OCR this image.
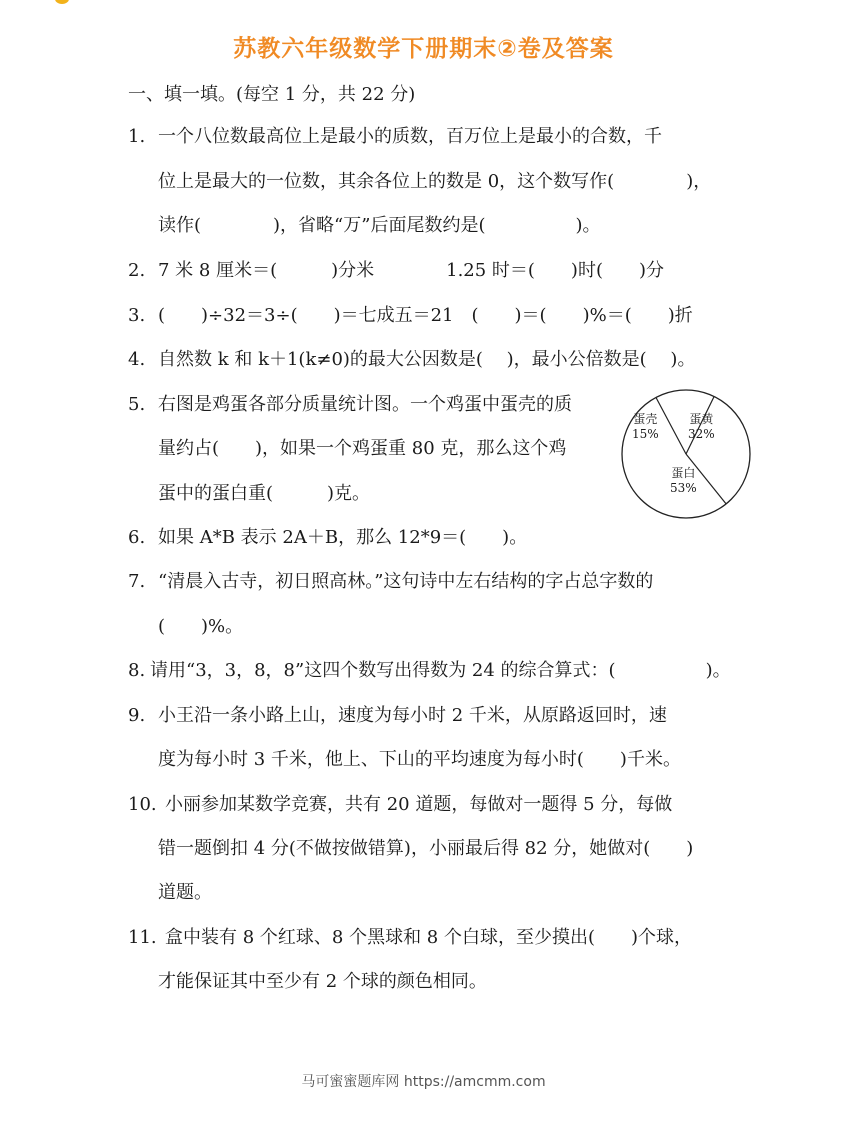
苏教六年级数学下册期末②卷及答案
一、填一填。(每空 1 分，共 22 分)
1. 一个八位数最高位上是最小的质数，百万位上是最小的合数，千
位上是最大的一位数，其余各位上的数是 0，这个数写作(　　　　)，
读作(　　　　)，省略“万”后面尾数约是(　　　　　)。
2. 7 米 8 厘米＝(　　　)分米　　　　1.25 时＝(　　)时(　　)分
3. (　　)÷32＝3÷(　　)＝七成五＝21　(　　)＝(　　)%＝(　　)折
4. 自然数 k 和 k＋1(k≠0)的最大公因数是(　 )，最小公倍数是(　 )。
5. 右图是鸡蛋各部分质量统计图。一个鸡蛋中蛋壳的质
量约占(　　)，如果一个鸡蛋重 80 克，那么这个鸡
蛋中的蛋白重(　　　)克。
蛋壳
15%
蛋黄
32%
蛋白
53%
6. 如果 A*B 表示 2A＋B，那么 12*9＝(　　)。
7. “清晨入古寺，初日照高林。”这句诗中左右结构的字占总字数的
(　　)%。
8. 请用“3，3，8，8”这四个数写出得数为 24 的综合算式：(　　　　　)。
9. 小王沿一条小路上山，速度为每小时 2 千米，从原路返回时，速
度为每小时 3 千米，他上、下山的平均速度为每小时(　　)千米。
10. 小丽参加某数学竞赛，共有 20 道题，每做对一题得 5 分，每做
错一题倒扣 4 分(不做按做错算)，小丽最后得 82 分，她做对(　　)
道题。
11. 盒中装有 8 个红球、8 个黑球和 8 个白球，至少摸出(　　)个球，
才能保证其中至少有 2 个球的颜色相同。
马可蜜蜜题库网 https://amcmm.com
